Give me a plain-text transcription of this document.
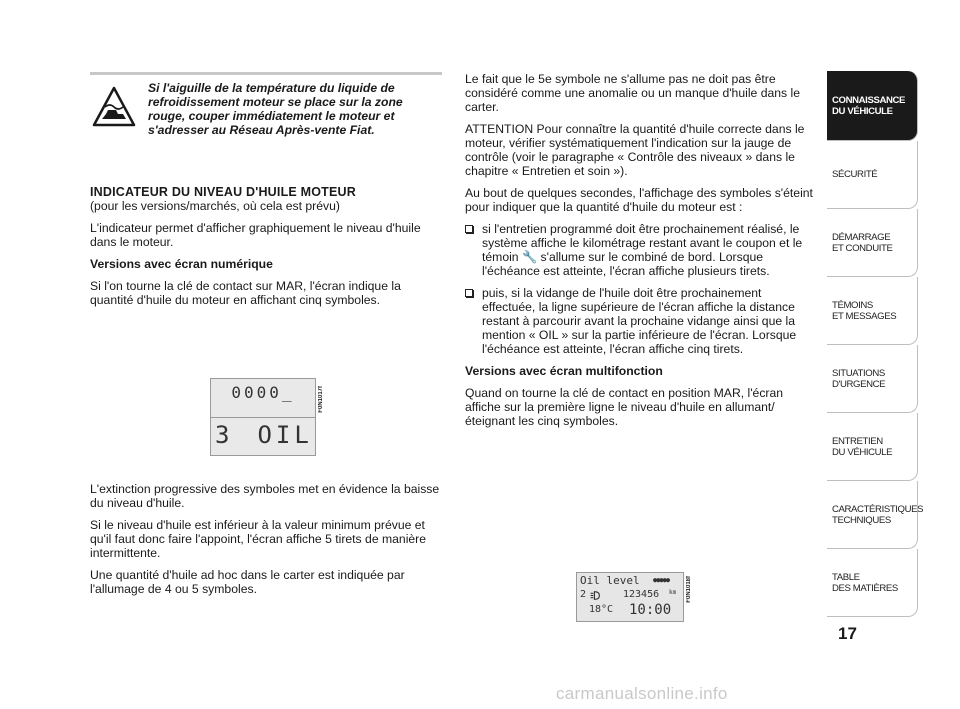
Si l'aiguille de la température du liquide de refroidissement moteur se place sur la zone rouge, couper immédiatement le moteur et s'adresser au Réseau Après-vente Fiat.
INDICATEUR DU NIVEAU D'HUILE MOTEUR

(pour les versions/marchés, où cela est prévu)

L'indicateur permet d'afficher graphiquement le niveau d'huile dans le moteur.

Versions avec écran numérique

Si l'on tourne la clé de contact sur MAR, l'écran indique la quantité d'huile du moteur en affichant cinq symboles.

L'extinction progressive des symboles met en évidence la baisse du niveau d'huile.

Si le niveau d'huile est inférieur à la valeur minimum prévue et qu'il faut donc faire l'appoint, l'écran affiche 5 tirets de manière intermittente.

Une quantité d'huile ad hoc dans le carter est indiquée par l'allumage de 4 ou 5 symboles.

0000_
3 OIL
F0N1017f

Le fait que le 5e symbole ne s'allume pas ne doit pas être considéré comme une anomalie ou un manque d'huile dans le carter.

ATTENTION Pour connaître la quantité d'huile correcte dans le moteur, vérifier systématiquement l'indication sur la jauge de contrôle (voir le paragraphe « Contrôle des niveaux » dans le chapitre « Entretien et soin »).

Au bout de quelques secondes, l'affichage des symboles s'éteint pour indiquer que la quantité d'huile du moteur est :

si l'entretien programmé doit être prochainement réalisé, le système affiche le kilométrage restant avant le coupon et le témoin 🔧 s'allume sur le combiné de bord. Lorsque l'échéance est atteinte, l'écran affiche plusieurs tirets.
puis, si la vidange de l'huile doit être prochainement effectuée, la ligne supérieure de l'écran affiche la distance restant à parcourir avant la prochaine vidange ainsi que la mention « OIL » sur la partie inférieure de l'écran. Lorsque l'échéance est atteinte, l'écran affiche cinq tirets.

Versions avec écran multifonction

Quand on tourne la clé de contact en position MAR, l'écran affiche sur la première ligne le niveau d'huile en allumant/éteignant les cinq symboles.

Oil level ●●●●●
2	123456 km
18°C 10:00
F0N1018f
CONNAISSANCE
DU VÉHICULE
SÉCURITÉ
DÉMARRAGE
ET CONDUITE
TÉMOINS
ET MESSAGES
SITUATIONS
D'URGENCE
ENTRETIEN
DU VÉHICULE
CARACTÉRISTIQUES
TECHNIQUES
TABLE
DES MATIÈRES
17
carmanualsonline.info
